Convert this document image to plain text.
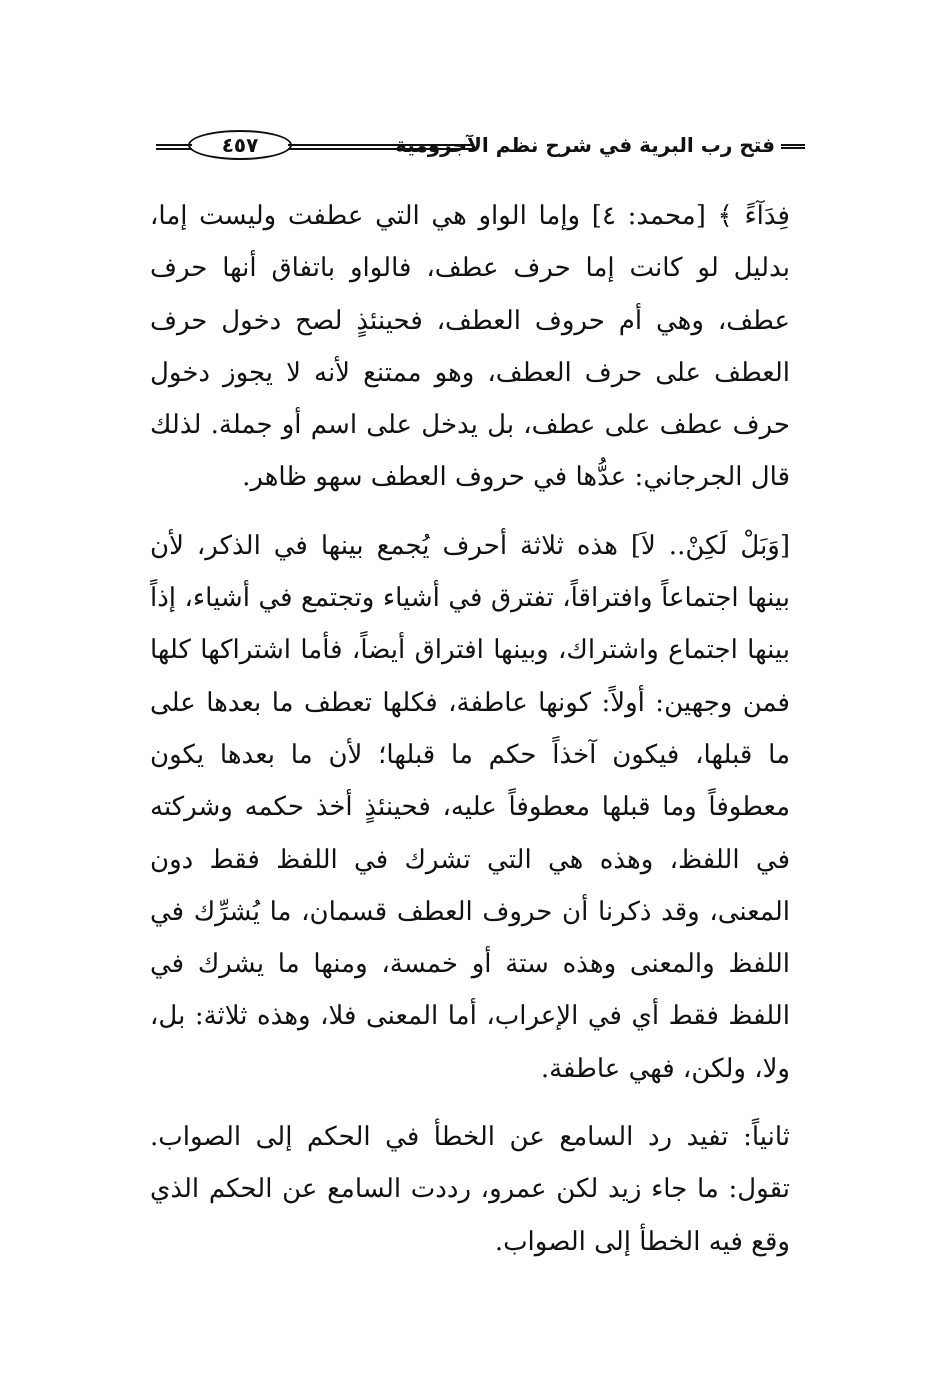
فتح رب البرية في شرح نظم الآجرومية
٤٥٧

فِدَآءً ﴾ [محمد: ٤] وإما الواو هي التي عطفت وليست إما، بدليل لو كانت إما حرف عطف، فالواو باتفاق أنها حرف عطف، وهي أم حروف العطف، فحينئذٍ لصح دخول حرف العطف على حرف العطف، وهو ممتنع لأنه لا يجوز دخول حرف عطف على عطف، بل يدخل على اسم أو جملة. لذلك قال الجرجاني: عدُّها في حروف العطف سهو ظاهر.

[وَبَلْ لَكِنْ.. لاَ] هذه ثلاثة أحرف يُجمع بينها في الذكر، لأن بينها اجتماعاً وافتراقاً، تفترق في أشياء وتجتمع في أشياء، إذاً بينها اجتماع واشتراك، وبينها افتراق أيضاً، فأما اشتراكها كلها فمن وجهين: أولاً: كونها عاطفة، فكلها تعطف ما بعدها على ما قبلها، فيكون آخذاً حكم ما قبلها؛ لأن ما بعدها يكون معطوفاً وما قبلها معطوفاً عليه، فحينئذٍ أخذ حكمه وشركته في اللفظ، وهذه هي التي تشرك في اللفظ فقط دون المعنى، وقد ذكرنا أن حروف العطف قسمان، ما يُشرِّك في اللفظ والمعنى وهذه ستة أو خمسة، ومنها ما يشرك في اللفظ فقط أي في الإعراب، أما المعنى فلا، وهذه ثلاثة: بل، ولا، ولكن، فهي عاطفة.

ثانياً: تفيد رد السامع عن الخطأ في الحكم إلى الصواب. تقول: ما جاء زيد لكن عمرو، رددت السامع عن الحكم الذي وقع فيه الخطأ إلى الصواب.
